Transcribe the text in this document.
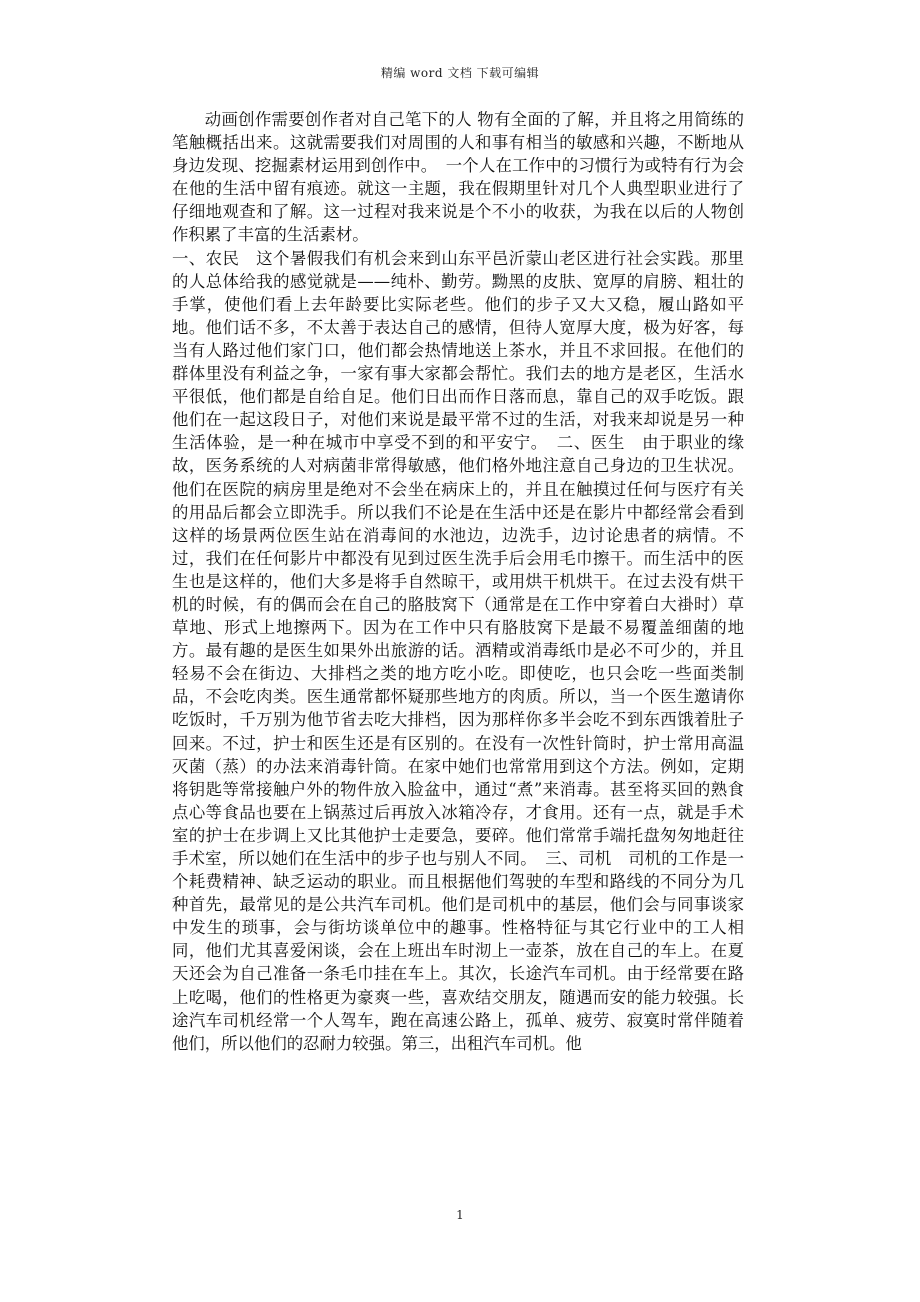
精编 word 文档 下载可编辑

动画创作需要创作者对自己笔下的人 物有全面的了解，并且将之用简练的笔触概括出来。这就需要我们对周围的人和事有相当的敏感和兴趣，不断地从身边发现、挖掘素材运用到创作中。　一个人在工作中的习惯行为或特有行为会在他的生活中留有痕迹。就这一主题，我在假期里针对几个人典型职业进行了仔细地观查和了解。这一过程对我来说是个不小的收获，为我在以后的人物创作积累了丰富的生活素材。

一、农民　这个暑假我们有机会来到山东平邑沂蒙山老区进行社会实践。那里的人总体给我的感觉就是——纯朴、勤劳。黝黑的皮肤、宽厚的肩膀、粗壮的手掌，使他们看上去年龄要比实际老些。他们的步子又大又稳，履山路如平地。他们话不多，不太善于表达自己的感情，但待人宽厚大度，极为好客，每当有人路过他们家门口，他们都会热情地送上茶水，并且不求回报。在他们的群体里没有利益之争，一家有事大家都会帮忙。我们去的地方是老区，生活水平很低，他们都是自给自足。他们日出而作日落而息，靠自己的双手吃饭。跟他们在一起这段日子，对他们来说是最平常不过的生活，对我来却说是另一种生活体验，是一种在城市中享受不到的和平安宁。　二、医生　由于职业的缘故，医务系统的人对病菌非常得敏感，他们格外地注意自己身边的卫生状况。他们在医院的病房里是绝对不会坐在病床上的，并且在触摸过任何与医疗有关的用品后都会立即洗手。所以我们不论是在生活中还是在影片中都经常会看到这样的场景两位医生站在消毒间的水池边，边洗手，边讨论患者的病情。不过，我们在任何影片中都没有见到过医生洗手后会用毛巾擦干。而生活中的医生也是这样的，他们大多是将手自然晾干，或用烘干机烘干。在过去没有烘干机的时候，有的偶而会在自己的胳肢窝下（通常是在工作中穿着白大褂时）草草地、形式上地擦两下。因为在工作中只有胳肢窝下是最不易覆盖细菌的地方。最有趣的是医生如果外出旅游的话。酒精或消毒纸巾是必不可少的，并且轻易不会在街边、大排档之类的地方吃小吃。即使吃，也只会吃一些面类制品，不会吃肉类。医生通常都怀疑那些地方的肉质。所以，当一个医生邀请你吃饭时，千万别为他节省去吃大排档，因为那样你多半会吃不到东西饿着肚子回来。不过，护士和医生还是有区别的。在没有一次性针筒时，护士常用高温灭菌（蒸）的办法来消毒针筒。在家中她们也常常用到这个方法。例如，定期将钥匙等常接触户外的物件放入脸盆中，通过“煮”来消毒。甚至将买回的熟食点心等食品也要在上锅蒸过后再放入冰箱冷存，才食用。还有一点，就是手术室的护士在步调上又比其他护士走要急，要碎。他们常常手端托盘匆匆地赶往手术室，所以她们在生活中的步子也与别人不同。　三、司机　司机的工作是一个耗费精神、缺乏运动的职业。而且根据他们驾驶的车型和路线的不同分为几种首先，最常见的是公共汽车司机。他们是司机中的基层，他们会与同事谈家中发生的琐事，会与街坊谈单位中的趣事。性格特征与其它行业中的工人相同，他们尤其喜爱闲谈，会在上班出车时沏上一壶茶，放在自己的车上。在夏天还会为自己准备一条毛巾挂在车上。其次，长途汽车司机。由于经常要在路上吃喝，他们的性格更为豪爽一些，喜欢结交朋友，随遇而安的能力较强。长途汽车司机经常一个人驾车，跑在高速公路上，孤单、疲劳、寂寞时常伴随着他们，所以他们的忍耐力较强。第三，出租汽车司机。他

1
